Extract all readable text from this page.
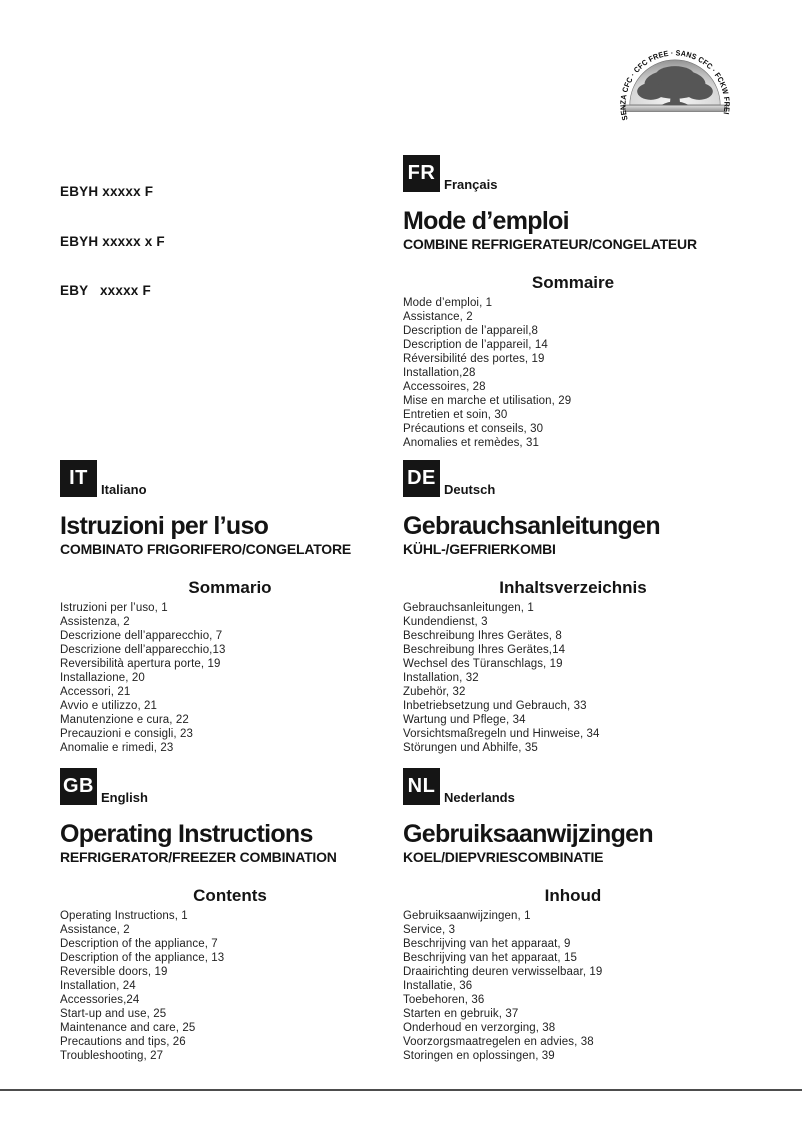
SENZA CFC · CFC FREE · SANS CFC · FCKW FREI

EBYH xxxxx F

EBYH xxxxx x F

EBY   xxxxx F

FR
Français
Mode d’emploi
COMBINE REFRIGERATEUR/CONGELATEUR
Sommaire
Mode d’emploi, 1
Assistance, 2
Description de l’appareil,8
Description de l’appareil, 14
Réversibilité des portes, 19
Installation,28
Accessoires, 28
Mise en marche et utilisation, 29
Entretien et soin, 30
Précautions et conseils, 30
Anomalies et remèdes, 31
IT
Italiano
Istruzioni per l’uso
COMBINATO FRIGORIFERO/CONGELATORE
Sommario
Istruzioni per l’uso, 1
Assistenza, 2
Descrizione dell’apparecchio, 7
Descrizione dell’apparecchio,13
Reversibilità apertura porte, 19
Installazione, 20
Accessori, 21
Avvio e utilizzo, 21
Manutenzione e cura, 22
Precauzioni e consigli, 23
Anomalie e rimedi, 23
DE
Deutsch
Gebrauchsanleitungen
KÜHL-/GEFRIERKOMBI
Inhaltsverzeichnis
Gebrauchsanleitungen, 1
Kundendienst, 3
Beschreibung Ihres Gerätes, 8
Beschreibung Ihres Gerätes,14
Wechsel des Türanschlags, 19
Installation, 32
Zubehör, 32
Inbetriebsetzung und Gebrauch, 33
Wartung und Pflege, 34
Vorsichtsmaßregeln und Hinweise, 34
Störungen und Abhilfe, 35
GB
English
Operating Instructions
REFRIGERATOR/FREEZER COMBINATION
Contents
Operating Instructions, 1
Assistance, 2
Description of the appliance, 7
Description of the appliance, 13
Reversible doors, 19
Installation, 24
Accessories,24
Start-up and use, 25
Maintenance and care, 25
Precautions and tips, 26
Troubleshooting, 27
NL
Nederlands
Gebruiksaanwijzingen
KOEL/DIEPVRIESCOMBINATIE
Inhoud
Gebruiksaanwijzingen, 1
Service, 3
Beschrijving van het apparaat, 9
Beschrijving van het apparaat, 15
Draairichting deuren verwisselbaar, 19
Installatie, 36
Toebehoren, 36
Starten en gebruik, 37
Onderhoud en verzorging, 38
Voorzorgsmaatregelen en advies, 38
Storingen en oplossingen, 39
